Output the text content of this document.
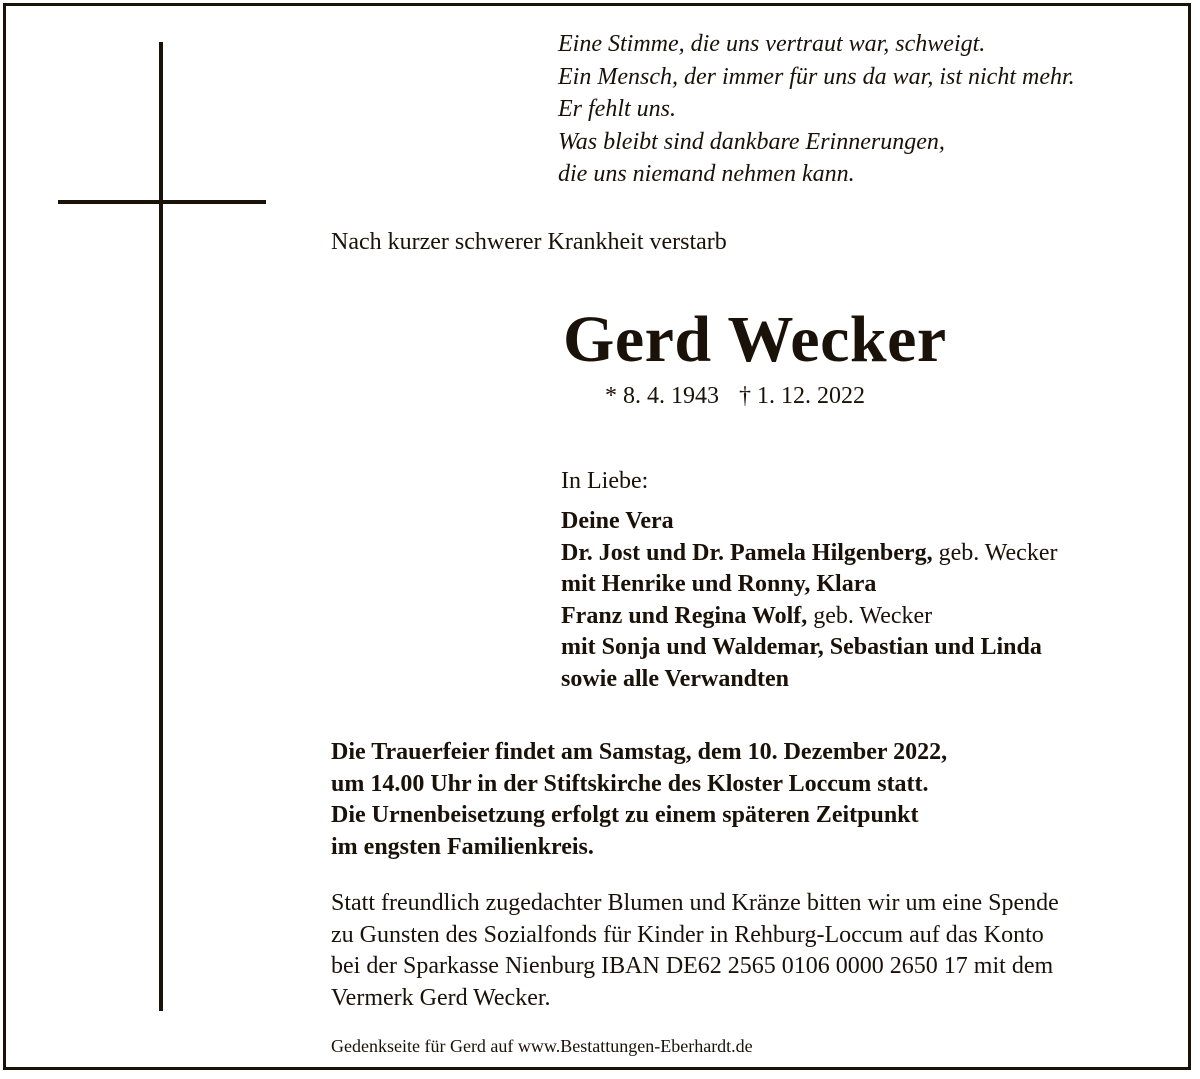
Eine Stimme, die uns vertraut war, schweigt.
Ein Mensch, der immer für uns da war, ist nicht mehr.
Er fehlt uns.
Was bleibt sind dankbare Erinnerungen,
die uns niemand nehmen kann.
Nach kurzer schwerer Krankheit verstarb
Gerd Wecker
* 8. 4. 1943 † 1. 12. 2022
In Liebe:
Deine Vera
Dr. Jost und Dr. Pamela Hilgenberg, geb. Wecker
mit Henrike und Ronny, Klara
Franz und Regina Wolf, geb. Wecker
mit Sonja und Waldemar, Sebastian und Linda
sowie alle Verwandten
Die Trauerfeier findet am Samstag, dem 10. Dezember 2022,
um 14.00 Uhr in der Stiftskirche des Kloster Loccum statt.
Die Urnenbeisetzung erfolgt zu einem späteren Zeitpunkt
im engsten Familienkreis.
Statt freundlich zugedachter Blumen und Kränze bitten wir um eine Spende
zu Gunsten des Sozialfonds für Kinder in Rehburg-Loccum auf das Konto
bei der Sparkasse Nienburg IBAN DE62 2565 0106 0000 2650 17 mit dem
Vermerk Gerd Wecker.
Gedenkseite für Gerd auf www.Bestattungen-Eberhardt.de
